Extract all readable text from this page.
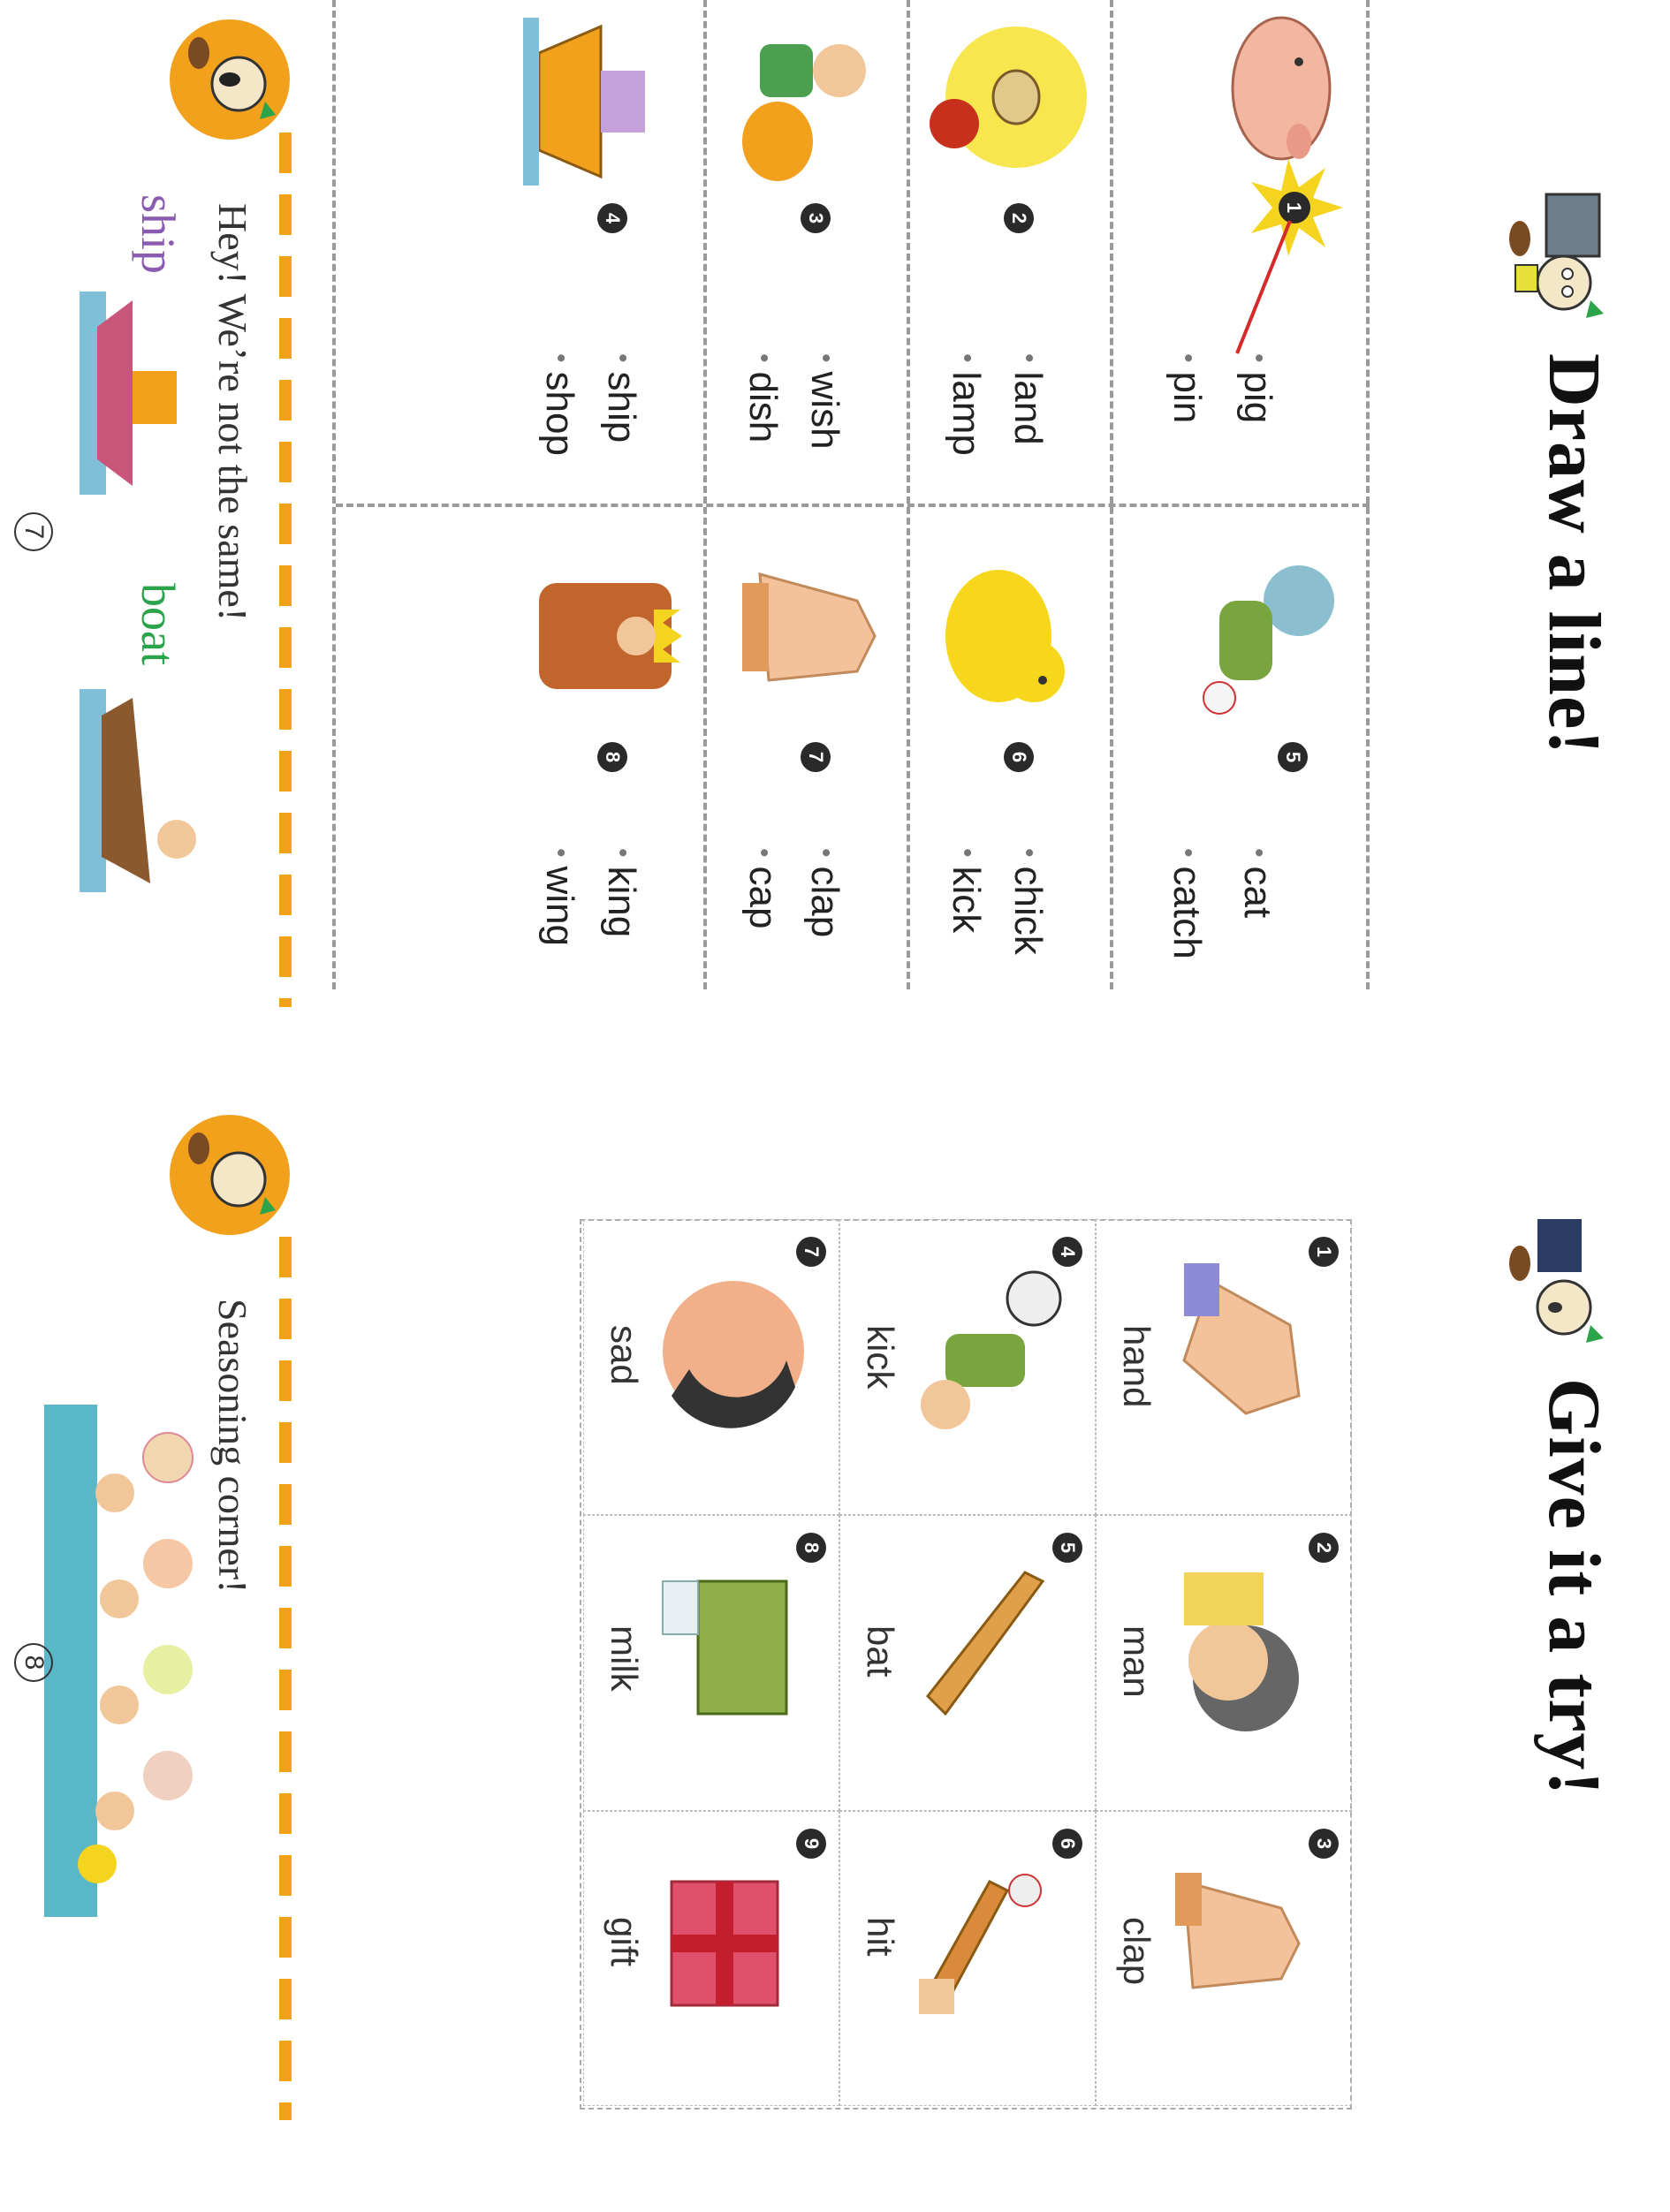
Draw a line!
1
• pig
• pin
5
• cat
• catch
2
• land
• lamp
6
• chick
• kick
3
• wish
• dish
7
• clap
• cap
4
• ship
• shop
8
• king
• wing
Hey! We’re not the same!
ship
boat
7
Give it a try!
1
hand
2
man
3
clap
4
kick
5
bat
6
hit
7
sad
8
milk
9
gift
Seasoning corner!
8
